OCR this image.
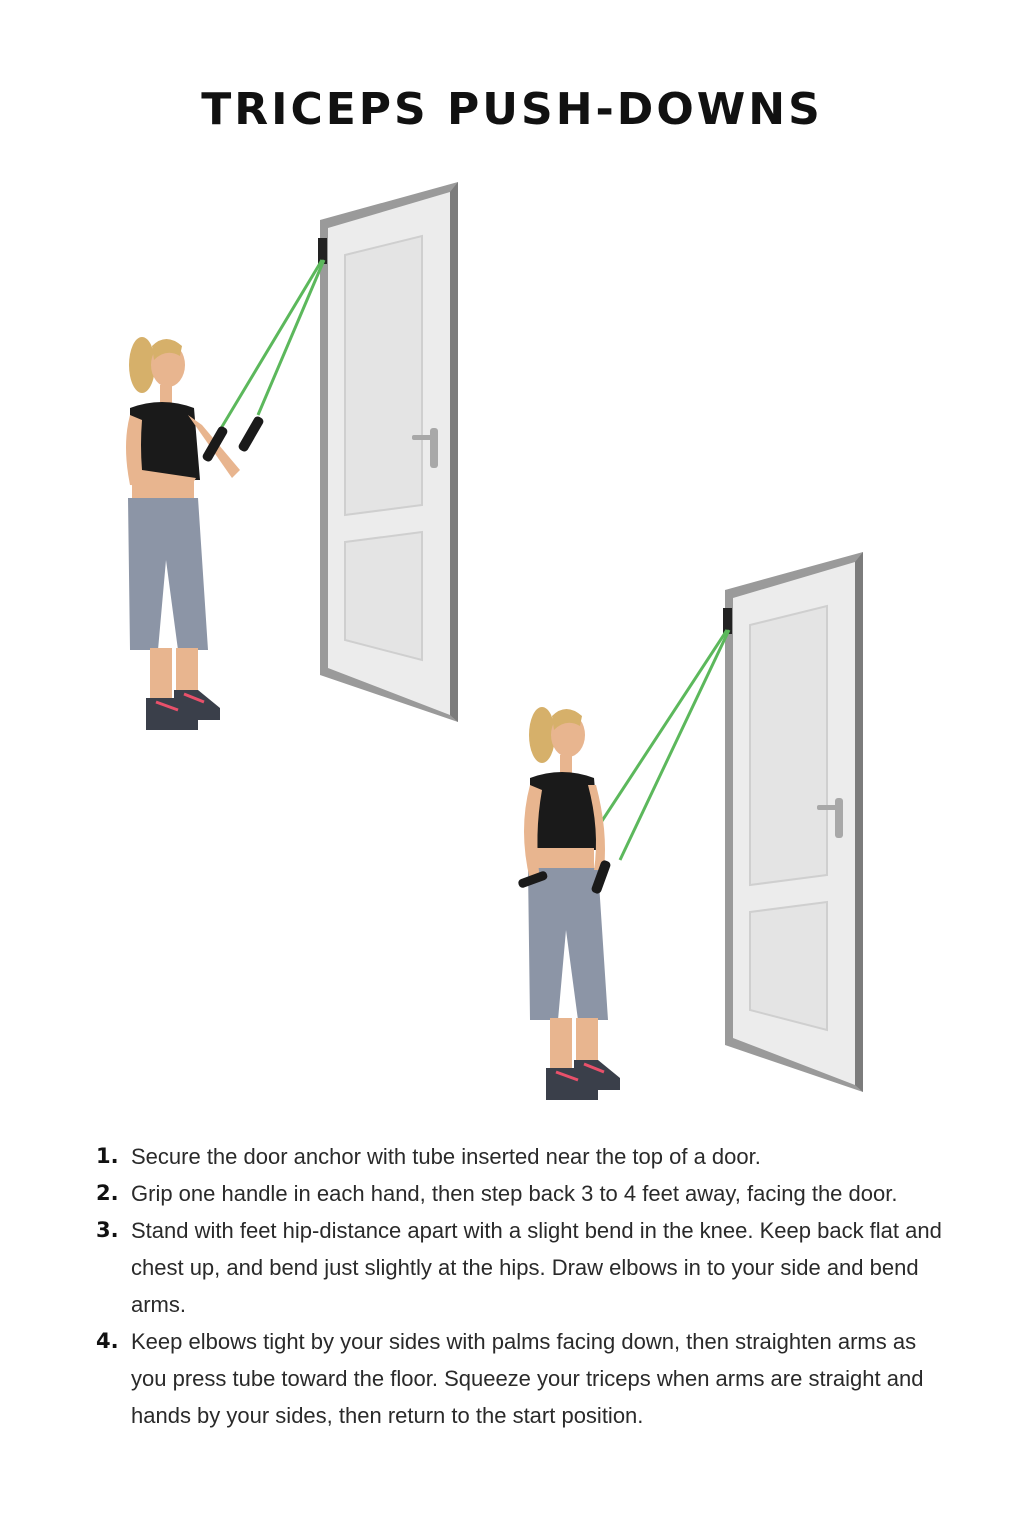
TRICEPS PUSH-DOWNS
1. Secure the door anchor with tube inserted near the top of a door.
2. Grip one handle in each hand, then step back 3 to 4 feet away, facing the door.
3. Stand with feet hip-distance apart with a slight bend in the knee. Keep back flat and chest up, and bend just slightly at the hips. Draw elbows in to your side and bend arms.
4. Keep elbows tight by your sides with palms facing down, then straighten arms as you press tube toward the floor. Squeeze your triceps when arms are straight and hands by your sides, then return to the start position.
